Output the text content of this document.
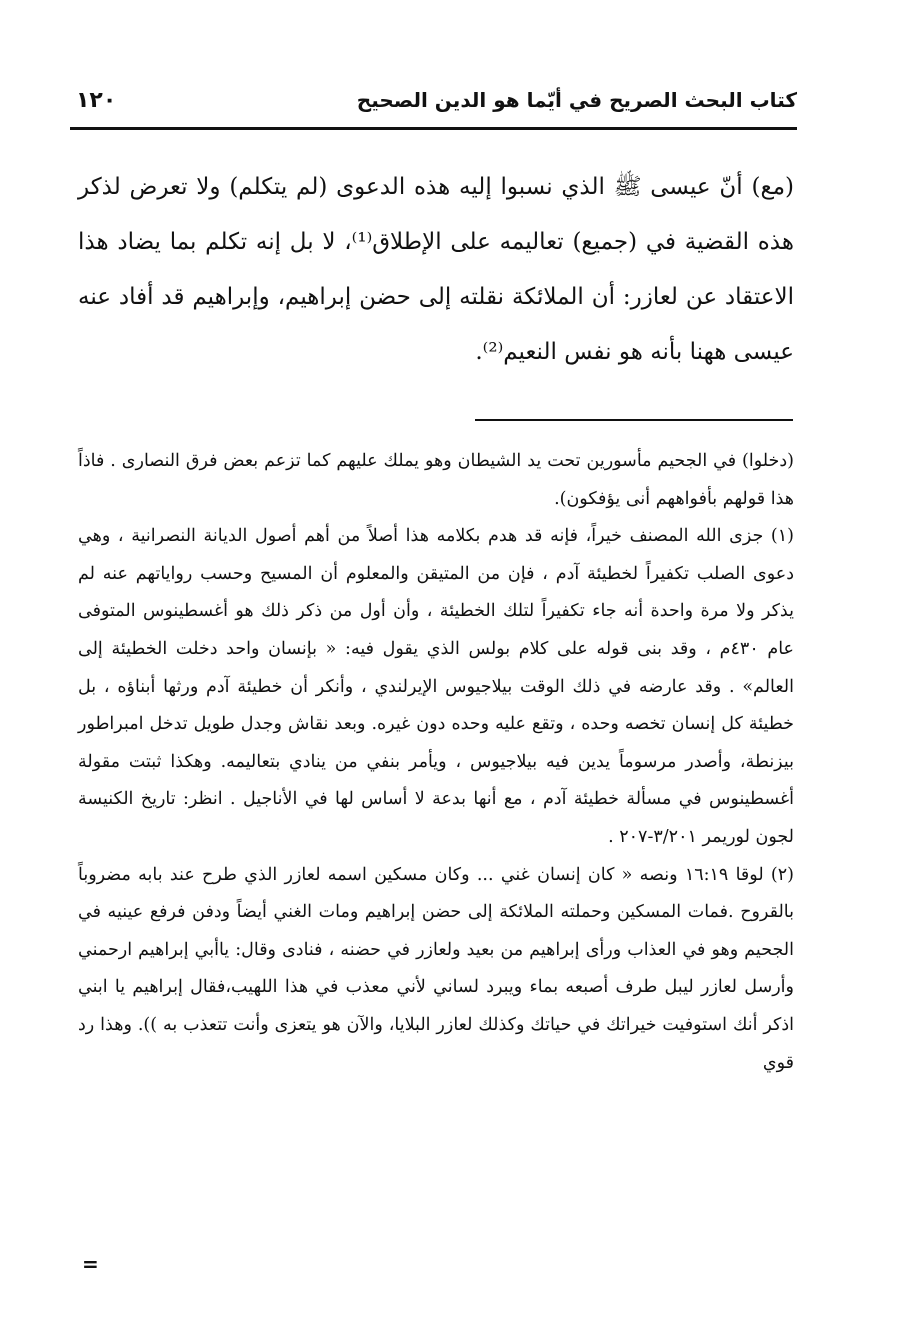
كتاب البحث الصريح في أيّما هو الدين الصحيح
١٢٠

(مع) أنّ عيسى ﷺ الذي نسبوا إليه هذه الدعوى (لم يتكلم) ولا تعرض لذكر هذه القضية في (جميع) تعاليمه على الإطلاق⁽¹⁾، لا بل إنه تكلم بما يضاد هذا الاعتقاد عن لعازر: أن الملائكة نقلته إلى حضن إبراهيم، وإبراهيم قد أفاد عنه عيسى ههنا بأنه هو نفس النعيم⁽²⁾.

(دخلوا) في الجحيم مأسورين تحت يد الشيطان وهو يملك عليهم كما تزعم بعض فرق النصارى . فاذاً هذا قولهم بأفواههم أنى يؤفكون).

(١) جزى الله المصنف خيراً، فإنه قد هدم بكلامه هذا أصلاً من أهم أصول الديانة النصرانية ، وهي دعوى الصلب تكفيراً لخطيئة آدم ، فإن من المتيقن والمعلوم أن المسيح وحسب رواياتهم عنه لم يذكر ولا مرة واحدة أنه جاء تكفيراً لتلك الخطيئة ، وأن أول من ذكر ذلك هو أغسطينوس المتوفى عام ٤٣٠م ، وقد بنى قوله على كلام بولس الذي يقول فيه: « بإنسان واحد دخلت الخطيئة إلى العالم» . وقد عارضه في ذلك الوقت بيلاجيوس الإيرلندي ، وأنكر أن خطيئة آدم ورثها أبناؤه ، بل خطيئة كل إنسان تخصه وحده ، وتقع عليه وحده دون غيره. وبعد نقاش وجدل طويل تدخل امبراطور بيزنطة، وأصدر مرسوماً يدين فيه بيلاجيوس ، ويأمر بنفي من ينادي بتعاليمه. وهكذا ثبتت مقولة أغسطينوس في مسألة خطيئة آدم ، مع أنها بدعة لا أساس لها في الأناجيل . انظر: تاريخ الكنيسة لجون لوريمر ٣/٢٠١-٢٠٧ .

(٢) لوقا ١٦:١٩ ونصه « كان إنسان غني ... وكان مسكين اسمه لعازر الذي طرح عند بابه مضروباً بالقروح .فمات المسكين وحملته الملائكة إلى حضن إبراهيم ومات الغني أيضاً ودفن فرفع عينيه في الجحيم وهو في العذاب ورأى إبراهيم من بعيد ولعازر في حضنه ، فنادى وقال: ياأبي إبراهيم ارحمني وأرسل لعازر ليبل طرف أصبعه بماء ويبرد لساني لأني معذب في هذا اللهيب،فقال إبراهيم يا ابني اذكر أنك استوفيت خيراتك في حياتك وكذلك لعازر البلايا، والآن هو يتعزى وأنت تتعذب به )). وهذا رد قوي

=
